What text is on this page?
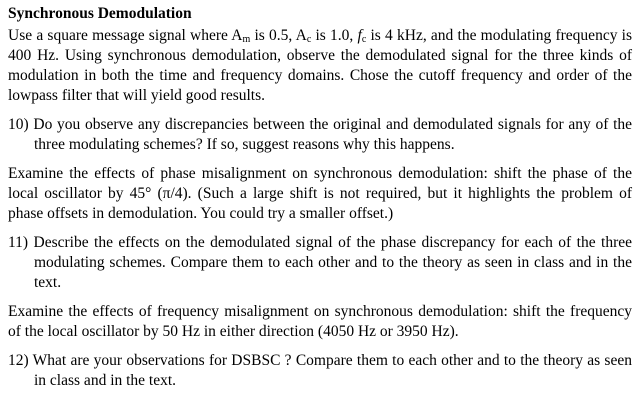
Synchronous Demodulation

Use a square message signal where $A_m$ is 0.5, $A_c$ is 1.0, $f_c$ is 4 kHz, and the modulating frequency is 400 Hz. Using synchronous demodulation, observe the demodulated signal for the three kinds of modulation in both the time and frequency domains. Chose the cutoff frequency and order of the lowpass filter that will yield good results.

10) Do you observe any discrepancies between the original and demodulated signals for any of the three modulating schemes? If so, suggest reasons why this happens.

Examine the effects of phase misalignment on synchronous demodulation: shift the phase of the local oscillator by 45° (π/4). (Such a large shift is not required, but it highlights the problem of phase offsets in demodulation. You could try a smaller offset.)

11) Describe the effects on the demodulated signal of the phase discrepancy for each of the three modulating schemes. Compare them to each other and to the theory as seen in class and in the text.

Examine the effects of frequency misalignment on synchronous demodulation: shift the frequency of the local oscillator by 50 Hz in either direction (4050 Hz or 3950 Hz).

12) What are your observations for DSBSC ? Compare them to each other and to the theory as seen in class and in the text.
